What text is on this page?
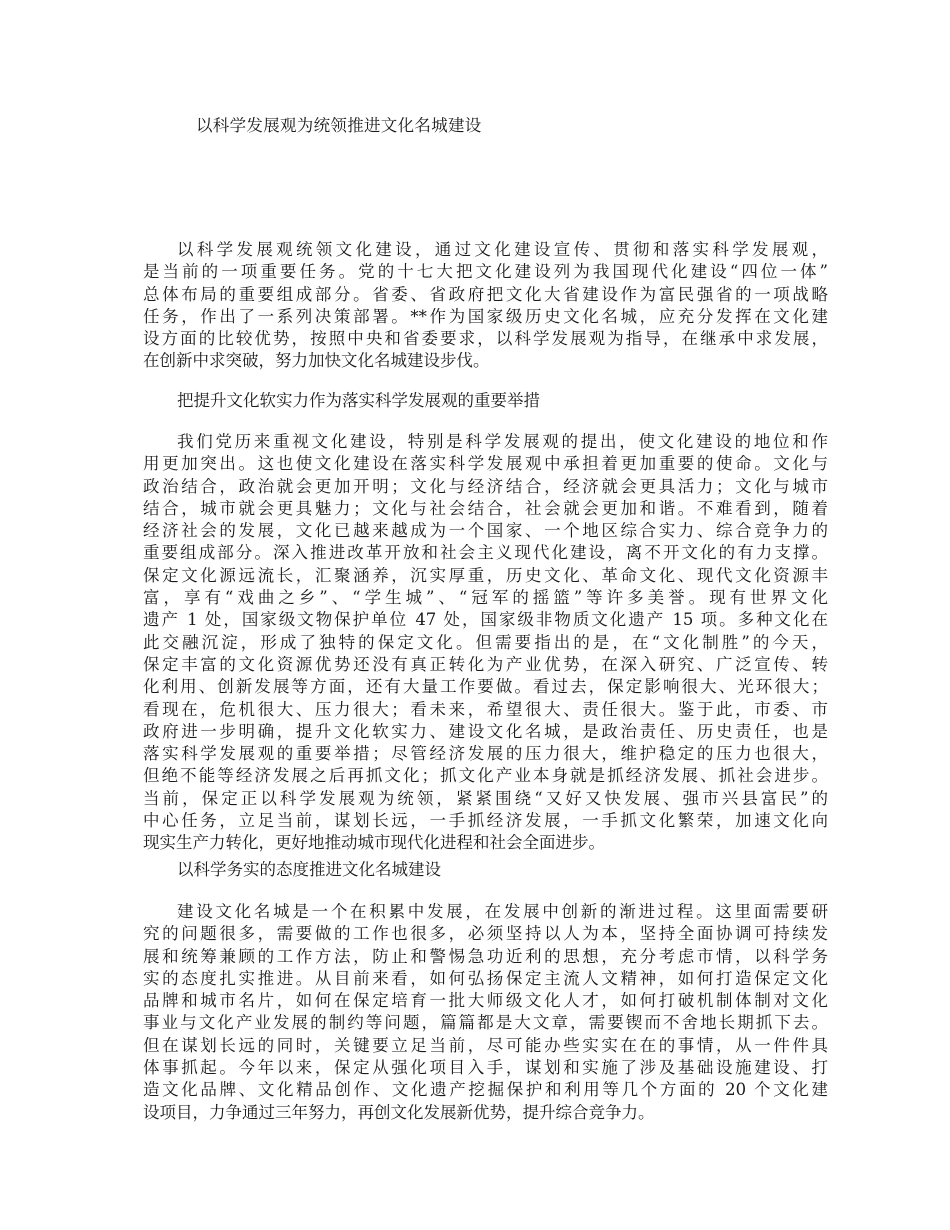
以科学发展观为统领推进文化名城建设
以科学发展观统领文化建设，通过文化建设宣传、贯彻和落实科学发展观，
是当前的一项重要任务。党的十七大把文化建设列为我国现代化建设“四位一体”
总体布局的重要组成部分。省委、省政府把文化大省建设作为富民强省的一项战略
任务，作出了一系列决策部署。**作为国家级历史文化名城，应充分发挥在文化建
设方面的比较优势，按照中央和省委要求，以科学发展观为指导，在继承中求发展，
在创新中求突破，努力加快文化名城建设步伐。
把提升文化软实力作为落实科学发展观的重要举措
我们党历来重视文化建设，特别是科学发展观的提出，使文化建设的地位和作
用更加突出。这也使文化建设在落实科学发展观中承担着更加重要的使命。文化与
政治结合，政治就会更加开明；文化与经济结合，经济就会更具活力；文化与城市
结合，城市就会更具魅力；文化与社会结合，社会就会更加和谐。不难看到，随着
经济社会的发展，文化已越来越成为一个国家、一个地区综合实力、综合竞争力的
重要组成部分。深入推进改革开放和社会主义现代化建设，离不开文化的有力支撑。
保定文化源远流长，汇聚涵养，沉实厚重，历史文化、革命文化、现代文化资源丰
富，享有“戏曲之乡”、“学生城”、“冠军的摇篮”等许多美誉。现有世界文化
遗产 1 处，国家级文物保护单位 47 处，国家级非物质文化遗产 15 项。多种文化在
此交融沉淀，形成了独特的保定文化。但需要指出的是，在“文化制胜”的今天，
保定丰富的文化资源优势还没有真正转化为产业优势，在深入研究、广泛宣传、转
化利用、创新发展等方面，还有大量工作要做。看过去，保定影响很大、光环很大；
看现在，危机很大、压力很大；看未来，希望很大、责任很大。鉴于此，市委、市
政府进一步明确，提升文化软实力、建设文化名城，是政治责任、历史责任，也是
落实科学发展观的重要举措；尽管经济发展的压力很大，维护稳定的压力也很大，
但绝不能等经济发展之后再抓文化；抓文化产业本身就是抓经济发展、抓社会进步。
当前，保定正以科学发展观为统领，紧紧围绕“又好又快发展、强市兴县富民”的
中心任务，立足当前，谋划长远，一手抓经济发展，一手抓文化繁荣，加速文化向
现实生产力转化，更好地推动城市现代化进程和社会全面进步。
以科学务实的态度推进文化名城建设
建设文化名城是一个在积累中发展，在发展中创新的渐进过程。这里面需要研
究的问题很多，需要做的工作也很多，必须坚持以人为本，坚持全面协调可持续发
展和统筹兼顾的工作方法，防止和警惕急功近利的思想，充分考虑市情，以科学务
实的态度扎实推进。从目前来看，如何弘扬保定主流人文精神，如何打造保定文化
品牌和城市名片，如何在保定培育一批大师级文化人才，如何打破机制体制对文化
事业与文化产业发展的制约等问题，篇篇都是大文章，需要锲而不舍地长期抓下去。
但在谋划长远的同时，关键要立足当前，尽可能办些实实在在的事情，从一件件具
体事抓起。今年以来，保定从强化项目入手，谋划和实施了涉及基础设施建设、打
造文化品牌、文化精品创作、文化遗产挖掘保护和利用等几个方面的 20 个文化建
设项目，力争通过三年努力，再创文化发展新优势，提升综合竞争力。
